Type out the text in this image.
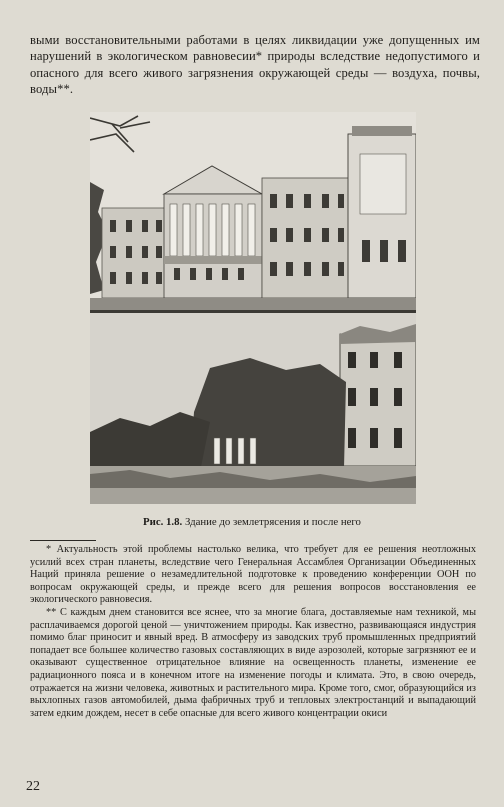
выми восстановительными работами в целях ликвидации уже допущенных им нарушений в экологическом равновесии* природы вследствие недопустимого и опасного для всего живого загрязнения окружающей среды — воздуха, почвы, воды**.

Рис. 1.8. Здание до землетрясения и после него

* Актуальность этой проблемы настолько велика, что требует для ее решения неотложных усилий всех стран планеты, вследствие чего Генеральная Ассамблея Организации Объединенных Наций приняла решение о незамедлительной подготовке к проведению конференции ООН по вопросам окружающей среды, и прежде всего для решения вопросов восстановления ее экологического равновесия.

** С каждым днем становится все яснее, что за многие блага, доставляемые нам техникой, мы расплачиваемся дорогой ценой — уничтожением природы. Как известно, развивающаяся индустрия помимо благ приносит и явный вред. В атмосферу из заводских труб промышленных предприятий попадает все большее количество газовых составляющих в виде аэрозолей, которые загрязняют ее и оказывают существенное отрицательное влияние на освещенность планеты, изменение ее радиационного пояса и в конечном итоге на изменение погоды и климата. Это, в свою очередь, отражается на жизни человека, животных и растительного мира. Кроме того, смог, образующийся из выхлопных газов автомобилей, дыма фабричных труб и тепловых электростанций и выпадающий затем едким дождем, несет в себе опасные для всего живого концентрации окиси

22
